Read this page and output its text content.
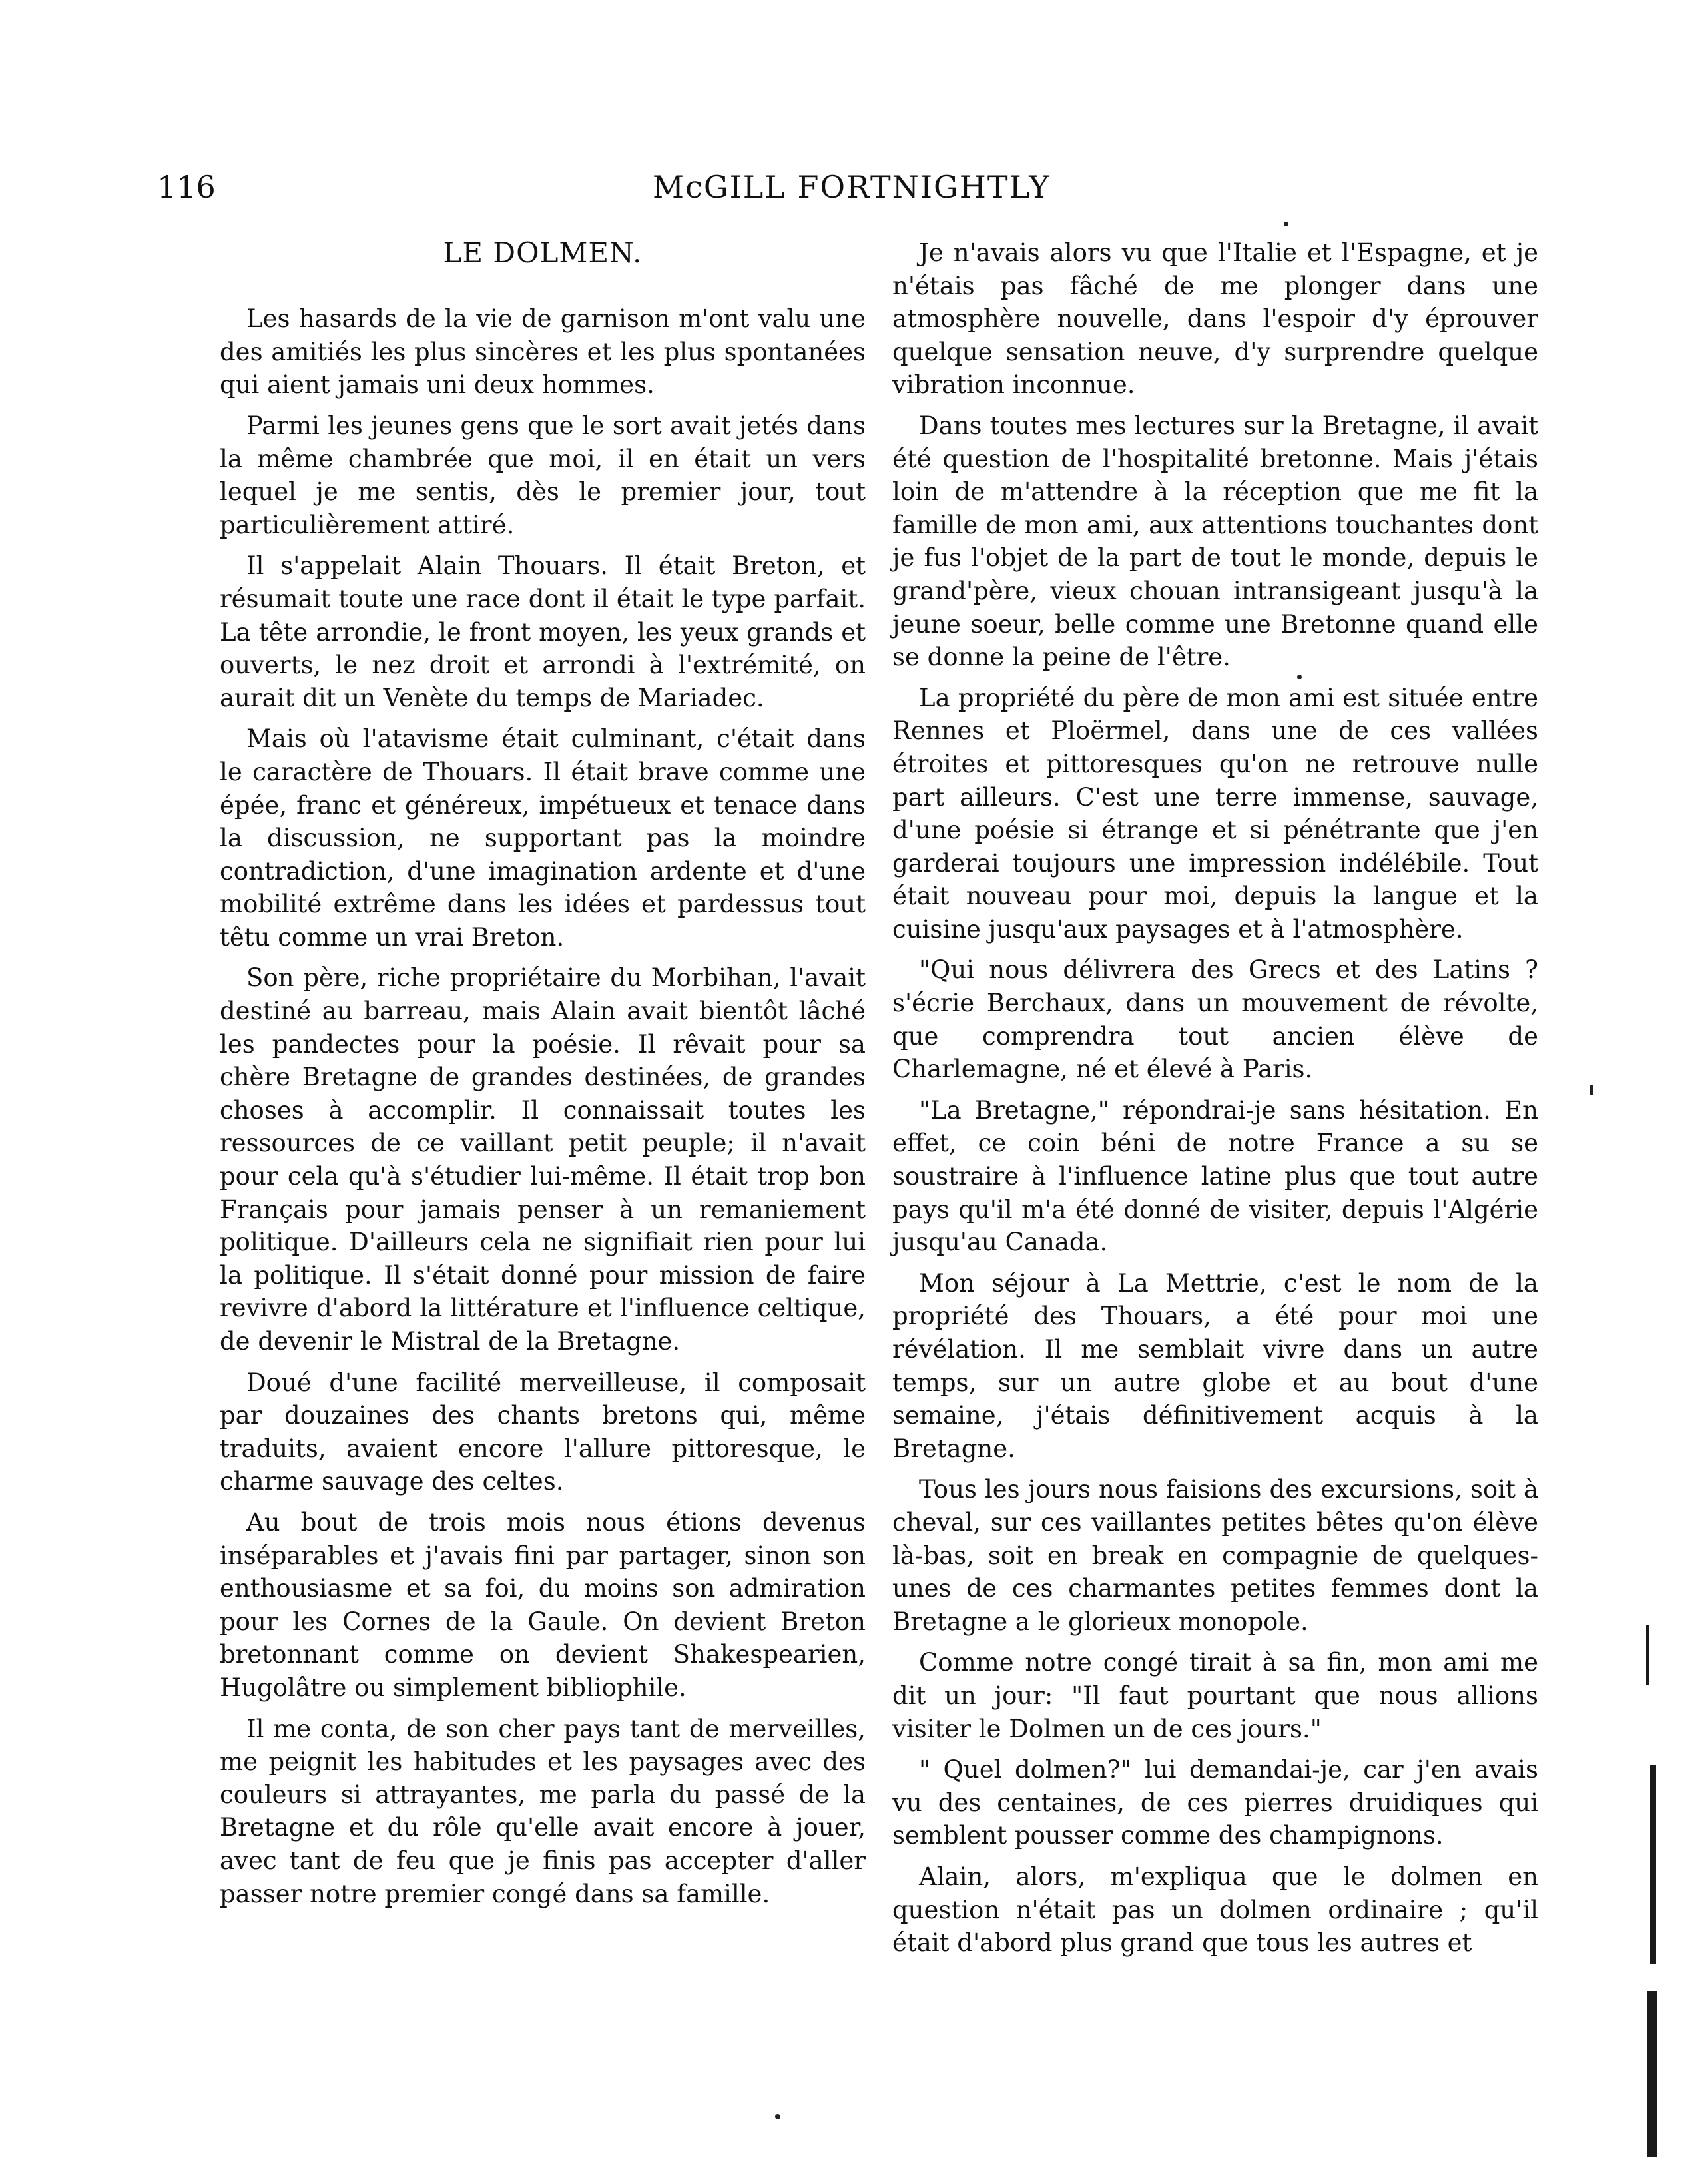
116	McGILL FORTNIGHTLY
LE DOLMEN.

Les hasards de la vie de garnison m'ont valu une des amitiés les plus sincères et les plus spontanées qui aient jamais uni deux hommes.

Parmi les jeunes gens que le sort avait jetés dans la même chambrée que moi, il en était un vers lequel je me sentis, dès le premier jour, tout particulièrement attiré.

Il s'appelait Alain Thouars. Il était Breton, et résumait toute une race dont il était le type parfait. La tête arrondie, le front moyen, les yeux grands et ouverts, le nez droit et arrondi à l'extrémité, on aurait dit un Venète du temps de Mariadec.

Mais où l'atavisme était culminant, c'était dans le caractère de Thouars. Il était brave comme une épée, franc et généreux, impétueux et tenace dans la discussion, ne supportant pas la moindre contradiction, d'une imagination ardente et d'une mobilité extrême dans les idées et pardessus tout têtu comme un vrai Breton.

Son père, riche propriétaire du Morbihan, l'avait destiné au barreau, mais Alain avait bientôt lâché les pandectes pour la poésie. Il rêvait pour sa chère Bretagne de grandes destinées, de grandes choses à accomplir. Il connaissait toutes les ressources de ce vaillant petit peuple; il n'avait pour cela qu'à s'étudier lui-même. Il était trop bon Français pour jamais penser à un remaniement politique. D'ailleurs cela ne signifiait rien pour lui la politique. Il s'était donné pour mission de faire revivre d'abord la littérature et l'influence celtique, de devenir le Mistral de la Bretagne.

Doué d'une facilité merveilleuse, il composait par douzaines des chants bretons qui, même traduits, avaient encore l'allure pittoresque, le charme sauvage des celtes.

Au bout de trois mois nous étions devenus inséparables et j'avais fini par partager, sinon son enthousiasme et sa foi, du moins son admiration pour les Cornes de la Gaule. On devient Breton bretonnant comme on devient Shakespearien, Hugolâtre ou simplement bibliophile.

Il me conta, de son cher pays tant de merveilles, me peignit les habitudes et les paysages avec des couleurs si attrayantes, me parla du passé de la Bretagne et du rôle qu'elle avait encore à jouer, avec tant de feu que je finis pas accepter d'aller passer notre premier congé dans sa famille.

Je n'avais alors vu que l'Italie et l'Espagne, et je n'étais pas fâché de me plonger dans une atmosphère nouvelle, dans l'espoir d'y éprouver quelque sensation neuve, d'y surprendre quelque vibration inconnue.

Dans toutes mes lectures sur la Bretagne, il avait été question de l'hospitalité bretonne. Mais j'étais loin de m'attendre à la réception que me fit la famille de mon ami, aux attentions touchantes dont je fus l'objet de la part de tout le monde, depuis le grand'père, vieux chouan intransigeant jusqu'à la jeune soeur, belle comme une Bretonne quand elle se donne la peine de l'être.

La propriété du père de mon ami est située entre Rennes et Ploërmel, dans une de ces vallées étroites et pittoresques qu'on ne retrouve nulle part ailleurs. C'est une terre immense, sauvage, d'une poésie si étrange et si pénétrante que j'en garderai toujours une impression indélébile. Tout était nouveau pour moi, depuis la langue et la cuisine jusqu'aux paysages et à l'atmosphère.

"Qui nous délivrera des Grecs et des Latins ? s'écrie Berchaux, dans un mouvement de révolte, que comprendra tout ancien élève de Charlemagne, né et élevé à Paris.

"La Bretagne," répondrai-je sans hésitation. En effet, ce coin béni de notre France a su se soustraire à l'influence latine plus que tout autre pays qu'il m'a été donné de visiter, depuis l'Algérie jusqu'au Canada.

Mon séjour à La Mettrie, c'est le nom de la propriété des Thouars, a été pour moi une révélation. Il me semblait vivre dans un autre temps, sur un autre globe et au bout d'une semaine, j'étais définitivement acquis à la Bretagne.

Tous les jours nous faisions des excursions, soit à cheval, sur ces vaillantes petites bêtes qu'on élève là-bas, soit en break en compagnie de quelques-unes de ces charmantes petites femmes dont la Bretagne a le glorieux monopole.

Comme notre congé tirait à sa fin, mon ami me dit un jour: "Il faut pourtant que nous allions visiter le Dolmen un de ces jours."

" Quel dolmen?" lui demandai-je, car j'en avais vu des centaines, de ces pierres druidiques qui semblent pousser comme des champignons.

Alain, alors, m'expliqua que le dolmen en question n'était pas un dolmen ordinaire ; qu'il était d'abord plus grand que tous les autres et
